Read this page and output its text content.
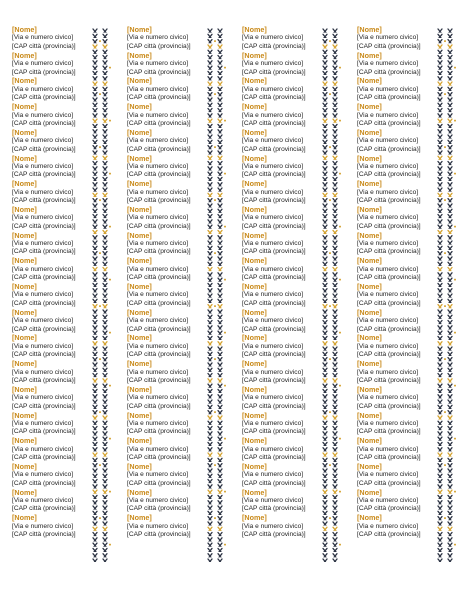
[Nome]
[Via e numero civico]
[CAP città (provincia)]
[Nome]
[Via e numero civico]
[CAP città (provincia)]
[Nome]
[Via e numero civico]
[CAP città (provincia)]
[Nome]
[Via e numero civico]
[CAP città (provincia)]
[Nome]
[Via e numero civico]
[CAP città (provincia)]
[Nome]
[Via e numero civico]
[CAP città (provincia)]
[Nome]
[Via e numero civico]
[CAP città (provincia)]
[Nome]
[Via e numero civico]
[CAP città (provincia)]
[Nome]
[Via e numero civico]
[CAP città (provincia)]
[Nome]
[Via e numero civico]
[CAP città (provincia)]
[Nome]
[Via e numero civico]
[CAP città (provincia)]
[Nome]
[Via e numero civico]
[CAP città (provincia)]
[Nome]
[Via e numero civico]
[CAP città (provincia)]
[Nome]
[Via e numero civico]
[CAP città (provincia)]
[Nome]
[Via e numero civico]
[CAP città (provincia)]
[Nome]
[Via e numero civico]
[CAP città (provincia)]
[Nome]
[Via e numero civico]
[CAP città (provincia)]
[Nome]
[Via e numero civico]
[CAP città (provincia)]
[Nome]
[Via e numero civico]
[CAP città (provincia)]
[Nome]
[Via e numero civico]
[CAP città (provincia)]
[Nome]
[Via e numero civico]
[CAP città (provincia)]
[Nome]
[Via e numero civico]
[CAP città (provincia)]
[Nome]
[Via e numero civico]
[CAP città (provincia)]
[Nome]
[Via e numero civico]
[CAP città (provincia)]
[Nome]
[Via e numero civico]
[CAP città (provincia)]
[Nome]
[Via e numero civico]
[CAP città (provincia)]
[Nome]
[Via e numero civico]
[CAP città (provincia)]
[Nome]
[Via e numero civico]
[CAP città (provincia)]
[Nome]
[Via e numero civico]
[CAP città (provincia)]
[Nome]
[Via e numero civico]
[CAP città (provincia)]
[Nome]
[Via e numero civico]
[CAP città (provincia)]
[Nome]
[Via e numero civico]
[CAP città (provincia)]
[Nome]
[Via e numero civico]
[CAP città (provincia)]
[Nome]
[Via e numero civico]
[CAP città (provincia)]
[Nome]
[Via e numero civico]
[CAP città (provincia)]
[Nome]
[Via e numero civico]
[CAP città (provincia)]
[Nome]
[Via e numero civico]
[CAP città (provincia)]
[Nome]
[Via e numero civico]
[CAP città (provincia)]
[Nome]
[Via e numero civico]
[CAP città (provincia)]
[Nome]
[Via e numero civico]
[CAP città (provincia)]
[Nome]
[Via e numero civico]
[CAP città (provincia)]
[Nome]
[Via e numero civico]
[CAP città (provincia)]
[Nome]
[Via e numero civico]
[CAP città (provincia)]
[Nome]
[Via e numero civico]
[CAP città (provincia)]
[Nome]
[Via e numero civico]
[CAP città (provincia)]
[Nome]
[Via e numero civico]
[CAP città (provincia)]
[Nome]
[Via e numero civico]
[CAP città (provincia)]
[Nome]
[Via e numero civico]
[CAP città (provincia)]
[Nome]
[Via e numero civico]
[CAP città (provincia)]
[Nome]
[Via e numero civico]
[CAP città (provincia)]
[Nome]
[Via e numero civico]
[CAP città (provincia)]
[Nome]
[Via e numero civico]
[CAP città (provincia)]
[Nome]
[Via e numero civico]
[CAP città (provincia)]
[Nome]
[Via e numero civico]
[CAP città (provincia)]
[Nome]
[Via e numero civico]
[CAP città (provincia)]
[Nome]
[Via e numero civico]
[CAP città (provincia)]
[Nome]
[Via e numero civico]
[CAP città (provincia)]
[Nome]
[Via e numero civico]
[CAP città (provincia)]
[Nome]
[Via e numero civico]
[CAP città (provincia)]
[Nome]
[Via e numero civico]
[CAP città (provincia)]
[Nome]
[Via e numero civico]
[CAP città (provincia)]
[Nome]
[Via e numero civico]
[CAP città (provincia)]
[Nome]
[Via e numero civico]
[CAP città (provincia)]
[Nome]
[Via e numero civico]
[CAP città (provincia)]
[Nome]
[Via e numero civico]
[CAP città (provincia)]
[Nome]
[Via e numero civico]
[CAP città (provincia)]
[Nome]
[Via e numero civico]
[CAP città (provincia)]
[Nome]
[Via e numero civico]
[CAP città (provincia)]
[Nome]
[Via e numero civico]
[CAP città (provincia)]
[Nome]
[Via e numero civico]
[CAP città (provincia)]
[Nome]
[Via e numero civico]
[CAP città (provincia)]
[Nome]
[Via e numero civico]
[CAP città (provincia)]
[Nome]
[Via e numero civico]
[CAP città (provincia)]
[Nome]
[Via e numero civico]
[CAP città (provincia)]
[Nome]
[Via e numero civico]
[CAP città (provincia)]
[Nome]
[Via e numero civico]
[CAP città (provincia)]
[Nome]
[Via e numero civico]
[CAP città (provincia)]
[Nome]
[Via e numero civico]
[CAP città (provincia)]
[Nome]
[Via e numero civico]
[CAP città (provincia)]
[Nome]
[Via e numero civico]
[CAP città (provincia)]
